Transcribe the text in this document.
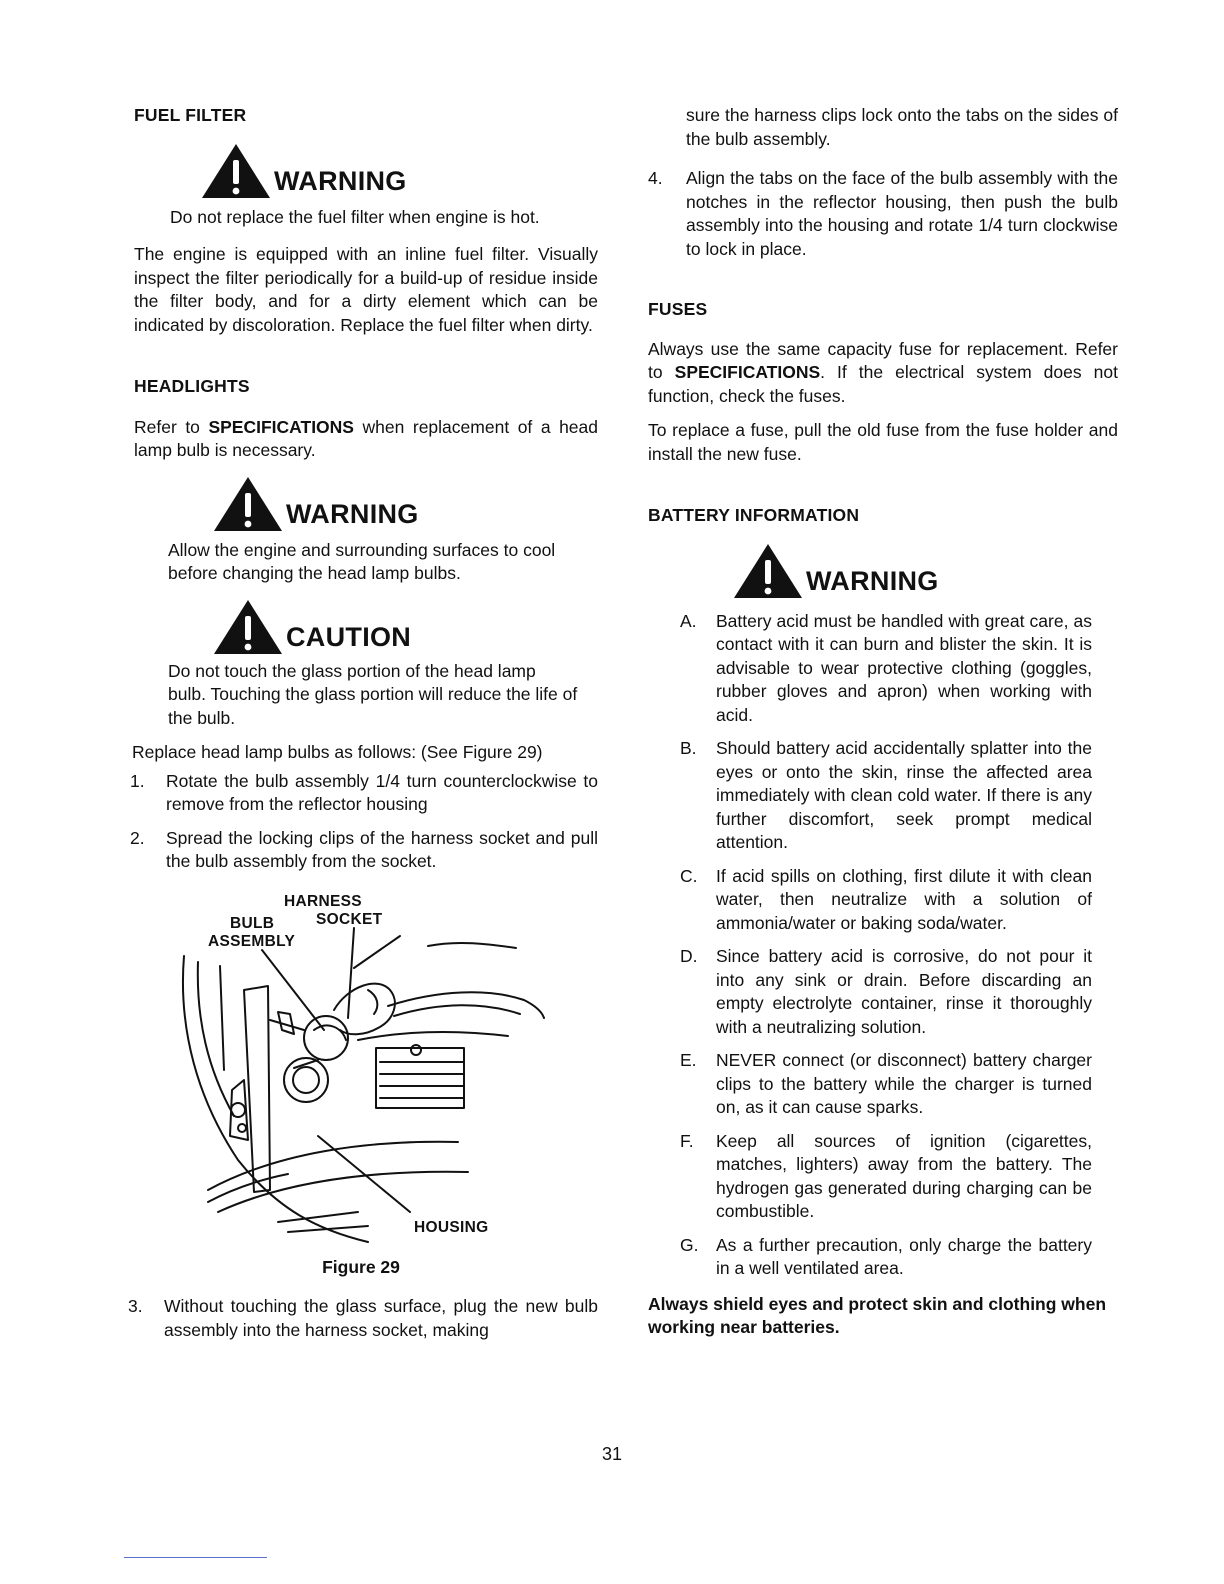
FUEL FILTER
WARNING

Do not replace the fuel filter when engine is hot.

The engine is equipped with an inline fuel filter. Visually inspect the filter periodically for a build-up of residue inside the filter body, and for a dirty element which can be indicated by discoloration. Replace the fuel filter when dirty.

HEADLIGHTS

Refer to SPECIFICATIONS when replacement of a head lamp bulb is necessary.

WARNING

Allow the engine and surrounding surfaces to cool before changing the head lamp bulbs.

CAUTION

Do not touch the glass portion of the head lamp bulb. Touching the glass portion will reduce the life of the bulb.

Replace head lamp bulbs as follows: (See Figure 29)

1. Rotate the bulb assembly 1/4 turn counterclockwise to remove from the reflector housing
2. Spread the locking clips of the harness socket and pull the bulb assembly from the socket.
HARNESS
SOCKET
BULB
ASSEMBLY
HOUSING

Figure 29

3. Without touching the glass surface, plug the new bulb assembly into the harness socket, making
sure the harness clips lock onto the tabs on the sides of the bulb assembly.
4. Align the tabs on the face of the bulb assembly with the notches in the reflector housing, then push the bulb assembly into the housing and rotate 1/4 turn clockwise to lock in place.
FUSES

Always use the same capacity fuse for replacement. Refer to SPECIFICATIONS. If the electrical system does not function, check the fuses.

To replace a fuse, pull the old fuse from the fuse holder and install the new fuse.

BATTERY INFORMATION
WARNING
A. Battery acid must be handled with great care, as contact with it can burn and blister the skin. It is advisable to wear protective clothing (goggles, rubber gloves and apron) when working with acid.
B. Should battery acid accidentally splatter into the eyes or onto the skin, rinse the affected area immediately with clean cold water. If there is any further discomfort, seek prompt medical attention.
C. If acid spills on clothing, first dilute it with clean water, then neutralize with a solution of ammonia/water or baking soda/water.
D. Since battery acid is corrosive, do not pour it into any sink or drain. Before discarding an empty electrolyte container, rinse it thoroughly with a neutralizing solution.
E. NEVER connect (or disconnect) battery charger clips to the battery while the charger is turned on, as it can cause sparks.
F. Keep all sources of ignition (cigarettes, matches, lighters) away from the battery. The hydrogen gas generated during charging can be combustible.
G. As a further precaution, only charge the battery in a well ventilated area.

Always shield eyes and protect skin and clothing when working near batteries.

31
